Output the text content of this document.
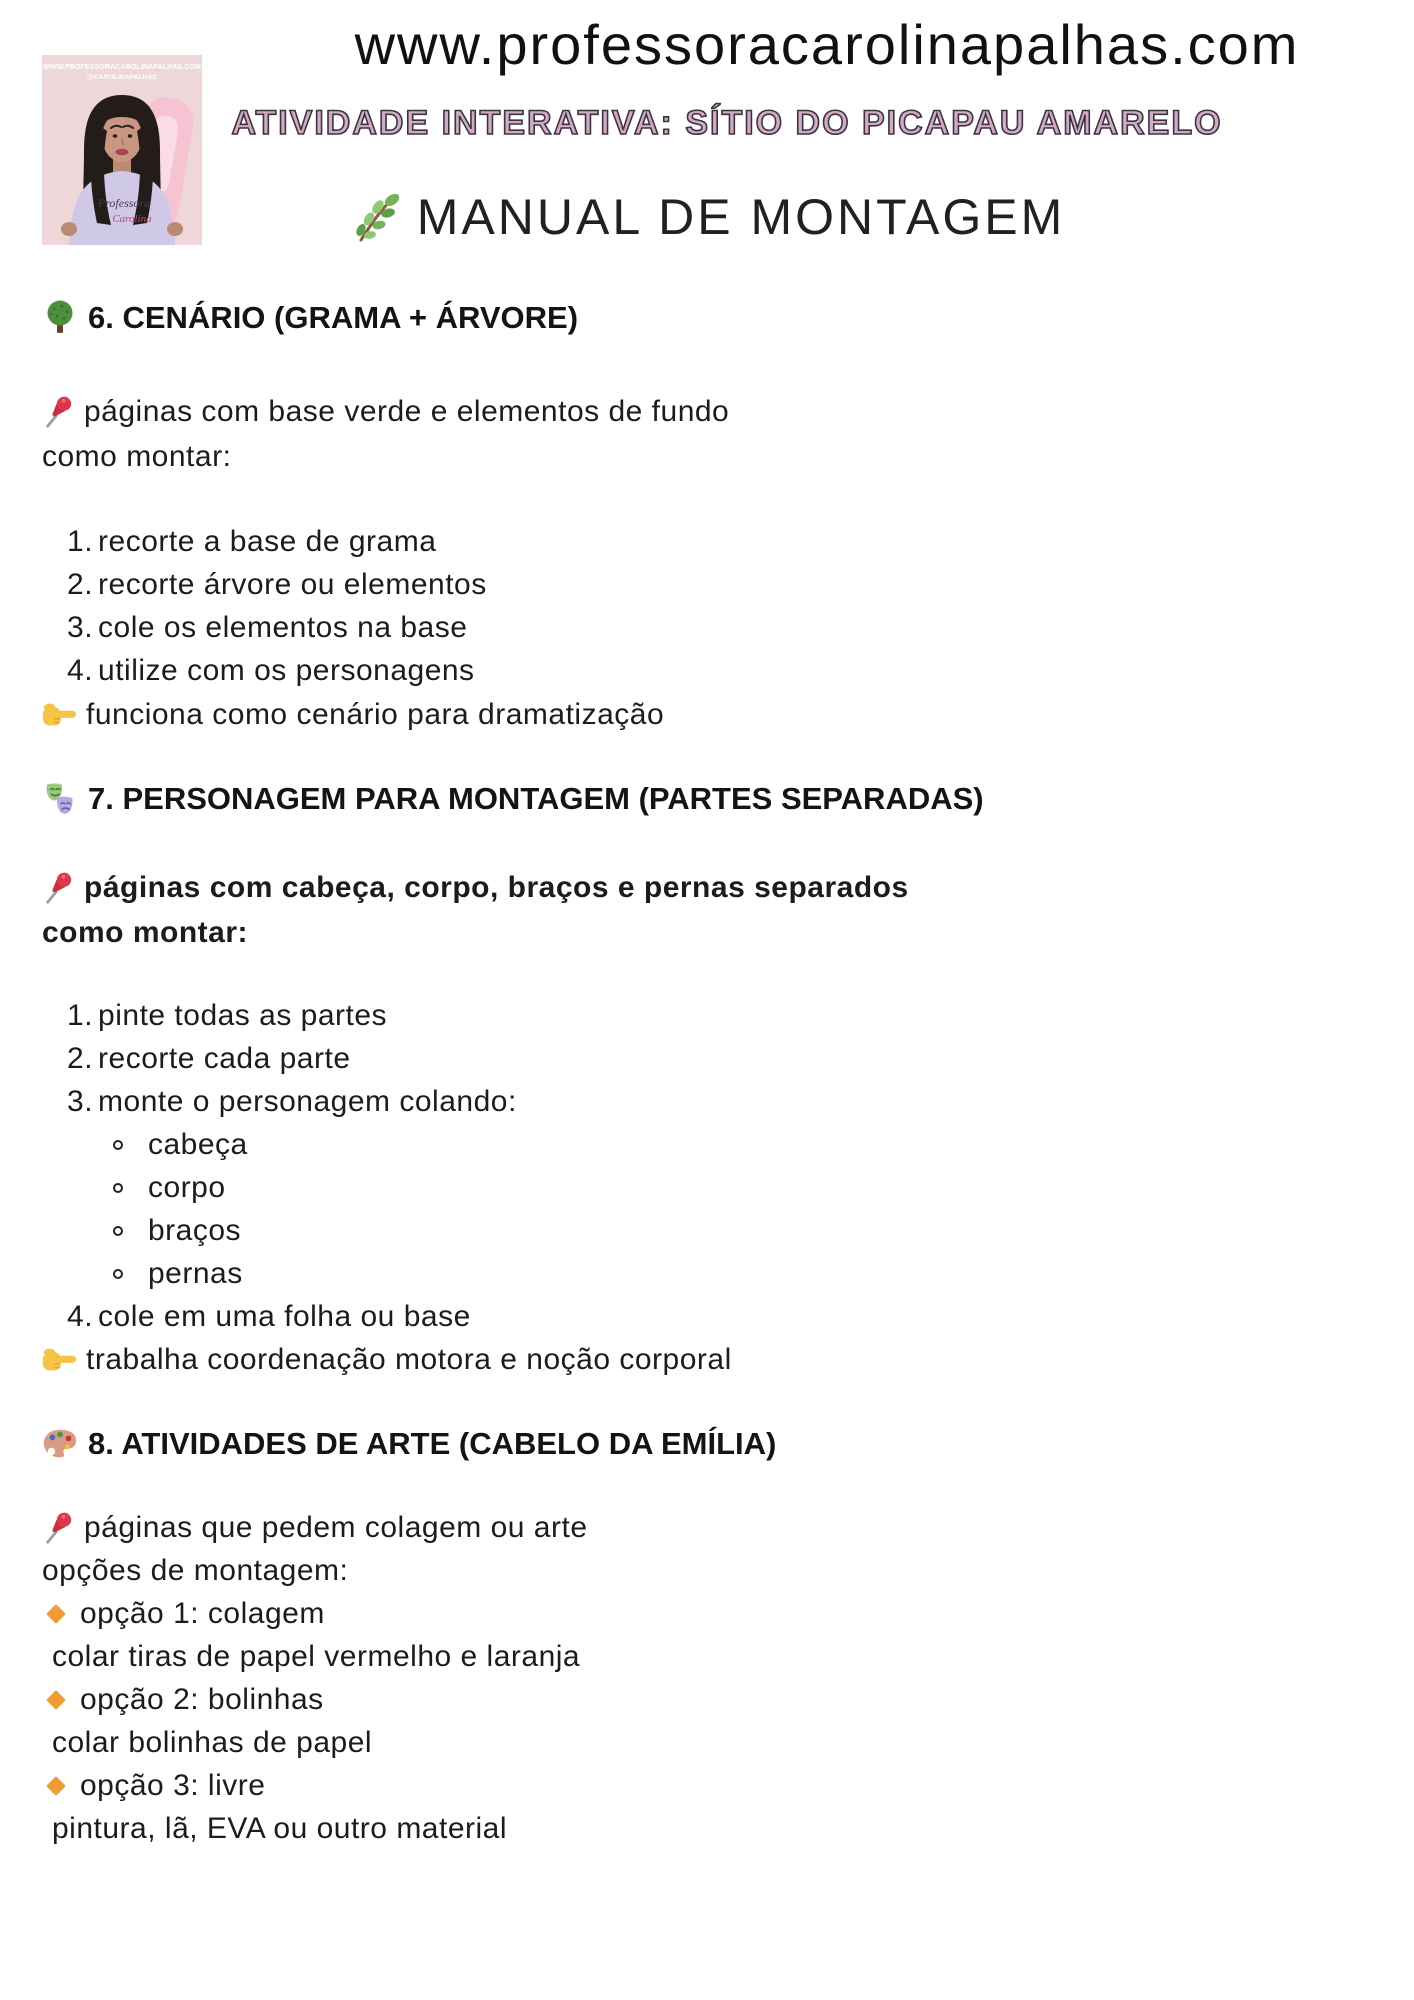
WWW.PROFESSORACAROLINAPALHAS.COM
@CAROLINAPALHAS
Professora
Carolina
www.professoracarolinapalhas.com
ATIVIDADE INTERATIVA: SÍTIO DO PICAPAU AMARELO
MANUAL DE MONTAGEM
6. CENÁRIO (GRAMA + ÁRVORE)
páginas com base verde e elementos de fundo
como montar:
recorte a base de grama
recorte árvore ou elementos
cole os elementos na base
utilize com os personagens
funciona como cenário para dramatização
7. PERSONAGEM PARA MONTAGEM (PARTES SEPARADAS)
páginas com cabeça, corpo, braços e pernas separados
como montar:
pinte todas as partes
recorte cada parte
monte o personagem colando:
cabeça
corpo
braços
pernas
cole em uma folha ou base
trabalha coordenação motora e noção corporal
8. ATIVIDADES DE ARTE (CABELO DA EMÍLIA)
páginas que pedem colagem ou arte
opções de montagem:
opção 1: colagem
colar tiras de papel vermelho e laranja
opção 2: bolinhas
colar bolinhas de papel
opção 3: livre
pintura, lã, EVA ou outro material
